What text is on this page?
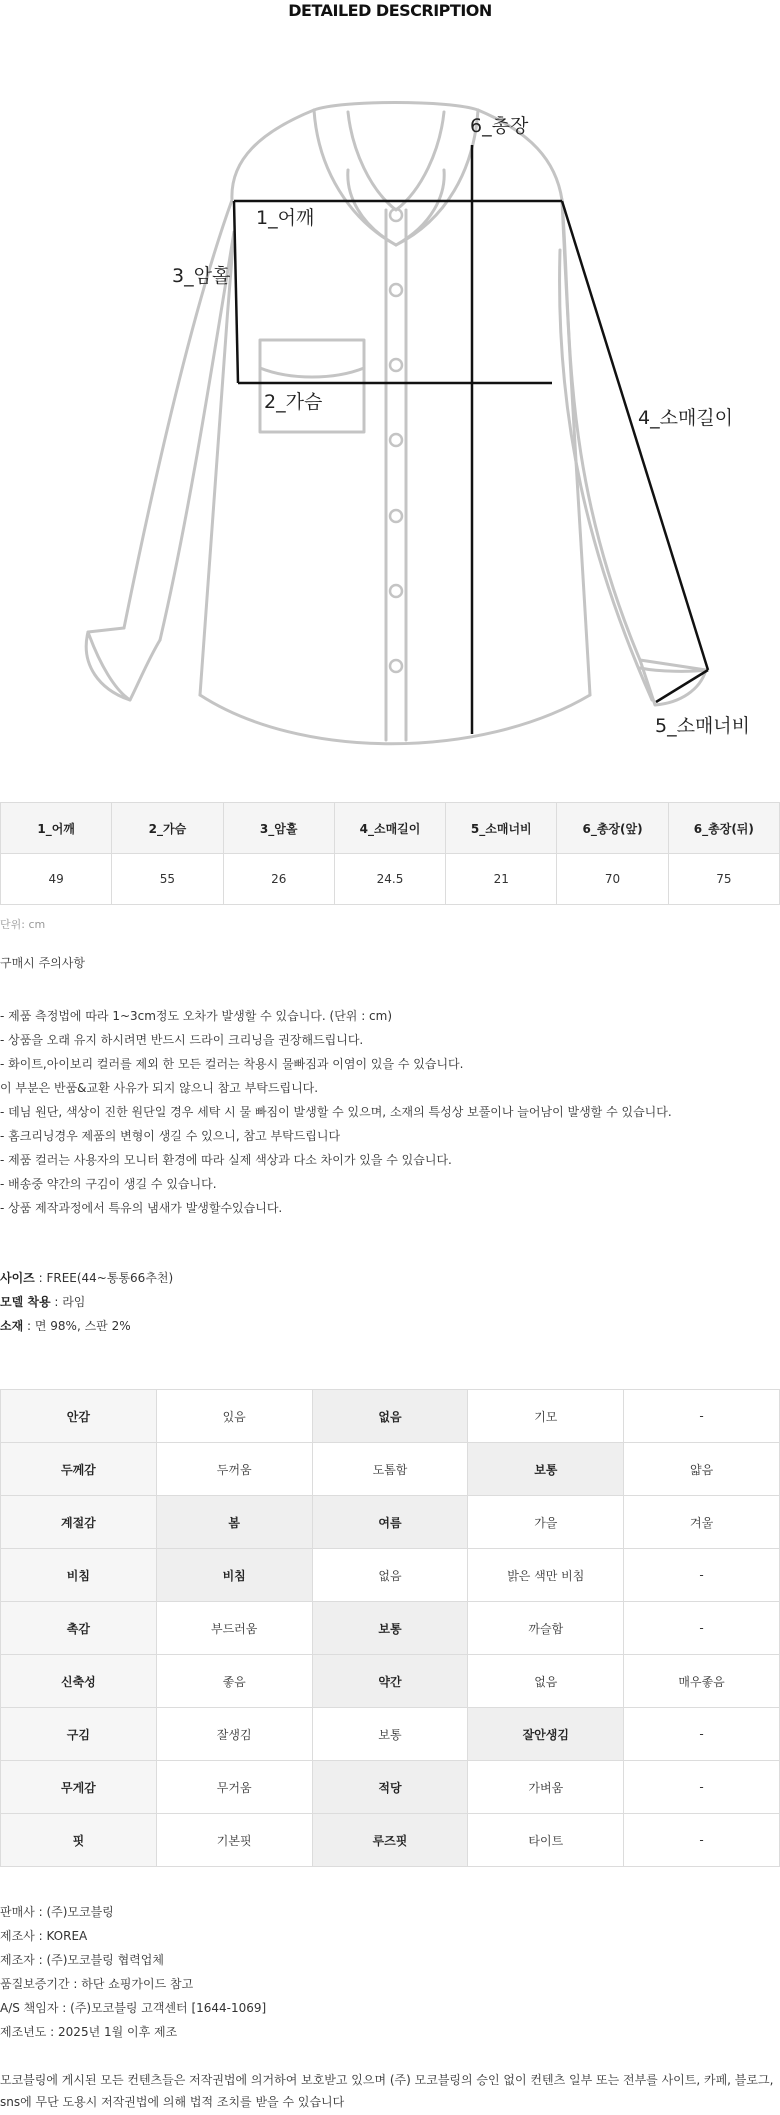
DETAILED DESCRIPTION
1_어깨
2_가슴
3_암홀
4_소매길이
5_소매너비
6_총장
1_어깨	2_가슴	3_암홀	4_소매길이	5_소매너비	6_총장(앞)	6_총장(뒤)
49	55	26	24.5	21	70	75
단위: cm
구매시 주의사항
- 제품 측정법에 따라 1~3cm정도 오차가 발생할 수 있습니다. (단위 : cm)
- 상품을 오래 유지 하시려면 반드시 드라이 크리닝을 권장해드립니다.
- 화이트,아이보리 컬러를 제외 한 모든 컬러는 착용시 물빠짐과 이염이 있을 수 있습니다.
이 부분은 반품&교환 사유가 되지 않으니 참고 부탁드립니다.
- 데님 원단, 색상이 진한 원단일 경우 세탁 시 물 빠짐이 발생할 수 있으며, 소재의 특성상 보풀이나 늘어남이 발생할 수 있습니다.
- 홈크리닝경우 제품의 변형이 생길 수 있으니, 참고 부탁드립니다
- 제품 컬러는 사용자의 모니터 환경에 따라 실제 색상과 다소 차이가 있을 수 있습니다.
- 배송중 약간의 구김이 생길 수 있습니다.
- 상품 제작과정에서 특유의 냄새가 발생할수있습니다.
사이즈 : FREE(44~통통66추천)
모델 착용 : 라임
소재 : 면 98%, 스판 2%
안감	있음	없음	기모	-
두께감	두꺼움	도톰함	보통	얇음
계절감	봄	여름	가을	겨울
비침	비침	없음	밝은 색만 비침	-
촉감	부드러움	보통	까슬함	-
신축성	좋음	약간	없음	매우좋음
구김	잘생김	보통	잘안생김	-
무게감	무거움	적당	가벼움	-
핏	기본핏	루즈핏	타이트	-
판매사 : (주)모코블링
제조사 : KOREA
제조자 : (주)모코블링 협력업체
품질보증기간 : 하단 쇼핑가이드 참고
A/S 책임자 : (주)모코블링 고객센터 [1644-1069]
제조년도 : 2025년 1월 이후 제조
모코블링에 게시된 모든 컨텐츠들은 저작권법에 의거하여 보호받고 있으며 (주) 모코블링의 승인 없이 컨텐츠 일부 또는 전부를 사이트, 카페, 블로그, sns에 무단 도용시 저작권법에 의해 법적 조치를 받을 수 있습니다
